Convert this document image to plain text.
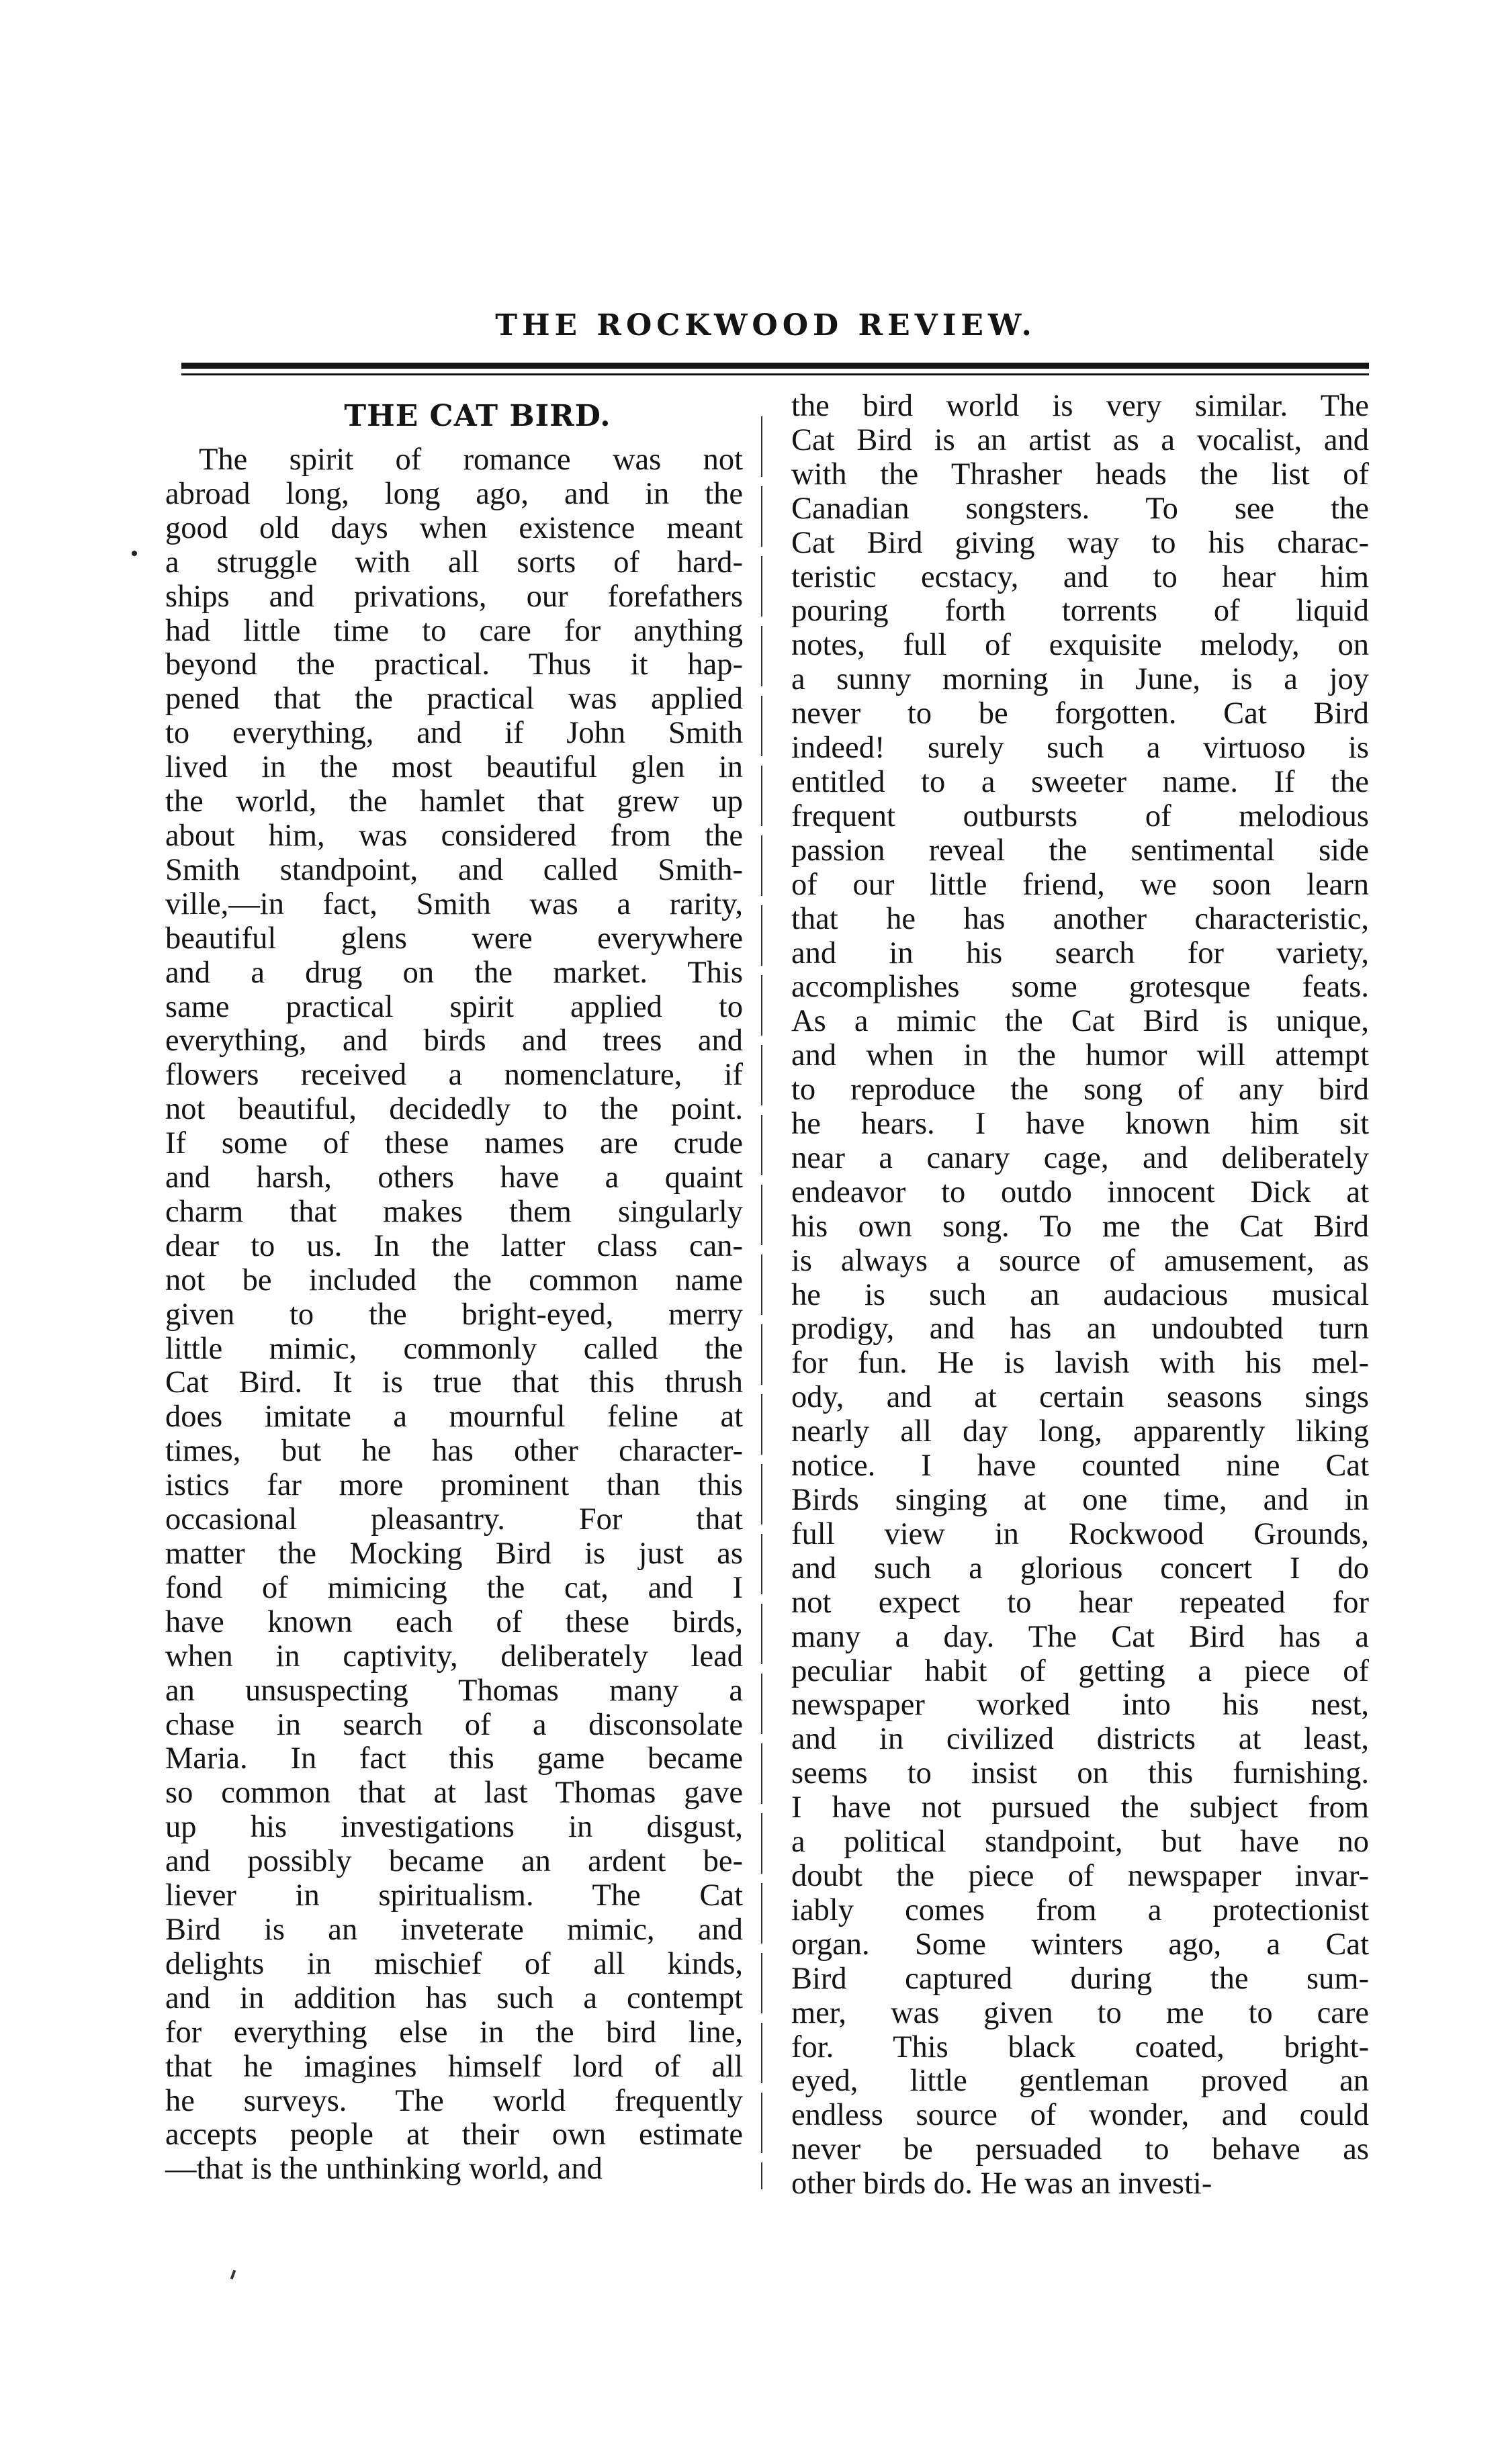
THE ROCKWOOD REVIEW.
THE CAT BIRD.
The spirit of romance was not
abroad long, long ago, and in the
good old days when existence meant
a struggle with all sorts of hard-
ships and privations, our forefathers
had little time to care for anything
beyond the practical. Thus it hap-
pened that the practical was applied
to everything, and if John Smith
lived in the most beautiful glen in
the world, the hamlet that grew up
about him, was considered from the
Smith standpoint, and called Smith-
ville,—in fact, Smith was a rarity,
beautiful glens were everywhere
and a drug on the market. This
same practical spirit applied to
everything, and birds and trees and
flowers received a nomenclature, if
not beautiful, decidedly to the point.
If some of these names are crude
and harsh, others have a quaint
charm that makes them singularly
dear to us. In the latter class can-
not be included the common name
given to the bright-eyed, merry
little mimic, commonly called the
Cat Bird. It is true that this thrush
does imitate a mournful feline at
times, but he has other character-
istics far more prominent than this
occasional pleasantry. For that
matter the Mocking Bird is just as
fond of mimicing the cat, and I
have known each of these birds,
when in captivity, deliberately lead
an unsuspecting Thomas many a
chase in search of a disconsolate
Maria. In fact this game became
so common that at last Thomas gave
up his investigations in disgust,
and possibly became an ardent be-
liever in spiritualism. The Cat
Bird is an inveterate mimic, and
delights in mischief of all kinds,
and in addition has such a contempt
for everything else in the bird line,
that he imagines himself lord of all
he surveys. The world frequently
accepts people at their own estimate
—that is the unthinking world, and
the bird world is very similar. The
Cat Bird is an artist as a vocalist, and
with the Thrasher heads the list of
Canadian songsters. To see the
Cat Bird giving way to his charac-
teristic ecstacy, and to hear him
pouring forth torrents of liquid
notes, full of exquisite melody, on
a sunny morning in June, is a joy
never to be forgotten. Cat Bird
indeed! surely such a virtuoso is
entitled to a sweeter name. If the
frequent outbursts of melodious
passion reveal the sentimental side
of our little friend, we soon learn
that he has another characteristic,
and in his search for variety,
accomplishes some grotesque feats.
As a mimic the Cat Bird is unique,
and when in the humor will attempt
to reproduce the song of any bird
he hears. I have known him sit
near a canary cage, and deliberately
endeavor to outdo innocent Dick at
his own song. To me the Cat Bird
is always a source of amusement, as
he is such an audacious musical
prodigy, and has an undoubted turn
for fun. He is lavish with his mel-
ody, and at certain seasons sings
nearly all day long, apparently liking
notice. I have counted nine Cat
Birds singing at one time, and in
full view in Rockwood Grounds,
and such a glorious concert I do
not expect to hear repeated for
many a day. The Cat Bird has a
peculiar habit of getting a piece of
newspaper worked into his nest,
and in civilized districts at least,
seems to insist on this furnishing.
I have not pursued the subject from
a political standpoint, but have no
doubt the piece of newspaper invar-
iably comes from a protectionist
organ. Some winters ago, a Cat
Bird captured during the sum-
mer, was given to me to care
for. This black coated, bright-
eyed, little gentleman proved an
endless source of wonder, and could
never be persuaded to behave as
other birds do. He was an investi-
